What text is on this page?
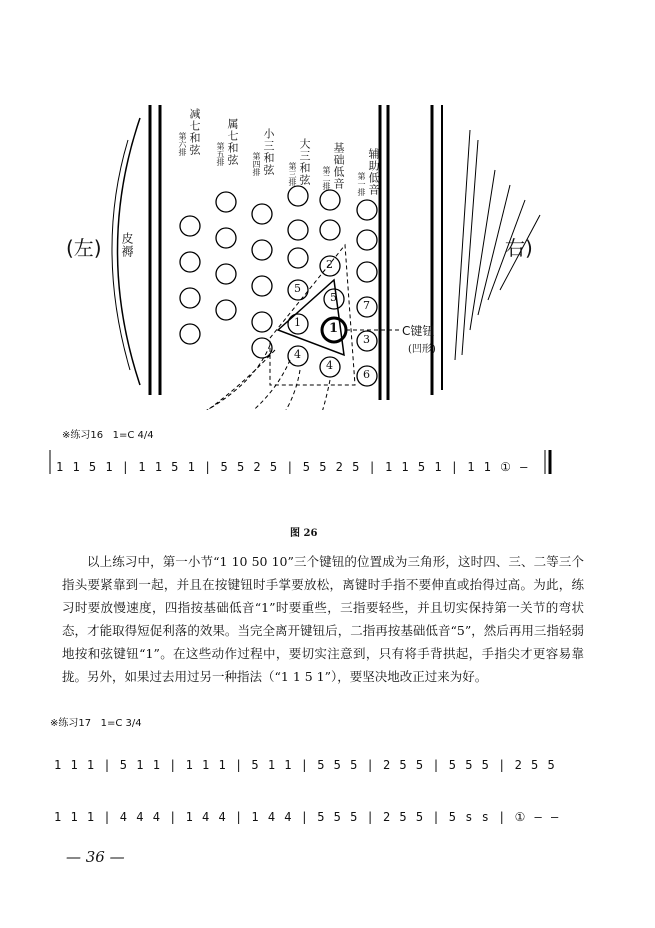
(左)	右)
皮褥
第六排减七和弦 第五排属七和弦 第四排小三和弦 第三排大三和弦 第二排基础低音 第一排辅助低音
2
5
5
7
1 1
3
4
4
6
C键钮
(凹形)
※练习16 1=C 4/4
1 1 5 1 | 1 1 5 1 | 5 5 2 5 | 5 5 2 5 | 1 1 5 1 | 1 1 ① —
图 26
以上练习中，第一小节“1 10 50 10”三个键钮的位置成为三角形，这时四、三、二等三个指头要紧靠到一起，并且在按键钮时手掌要放松，离键时手指不要伸直或抬得过高。为此，练习时要放慢速度，四指按基础低音“1”时要重些，三指要轻些，并且切实保持第一关节的弯状态，才能取得短促利落的效果。当完全离开键钮后，二指再按基础低音“5”，然后再用三指轻弱地按和弦键钮“1”。在这些动作过程中，要切实注意到，只有将手背拱起，手指尖才更容易靠拢。另外，如果过去用过另一种指法（“1 1 5 1”），要坚决地改正过来为好。
※练习17 1=C 3/4
1 1 1 | 5 1 1 | 1 1 1 | 5 1 1 | 5 5 5 | 2 5 5 | 5 5 5 | 2 5 5
1 1 1 | 4 4 4 | 1 4 4 | 1 4 4 | 5 5 5 | 2 5 5 | 5 s s | ① — —
— 36 —
